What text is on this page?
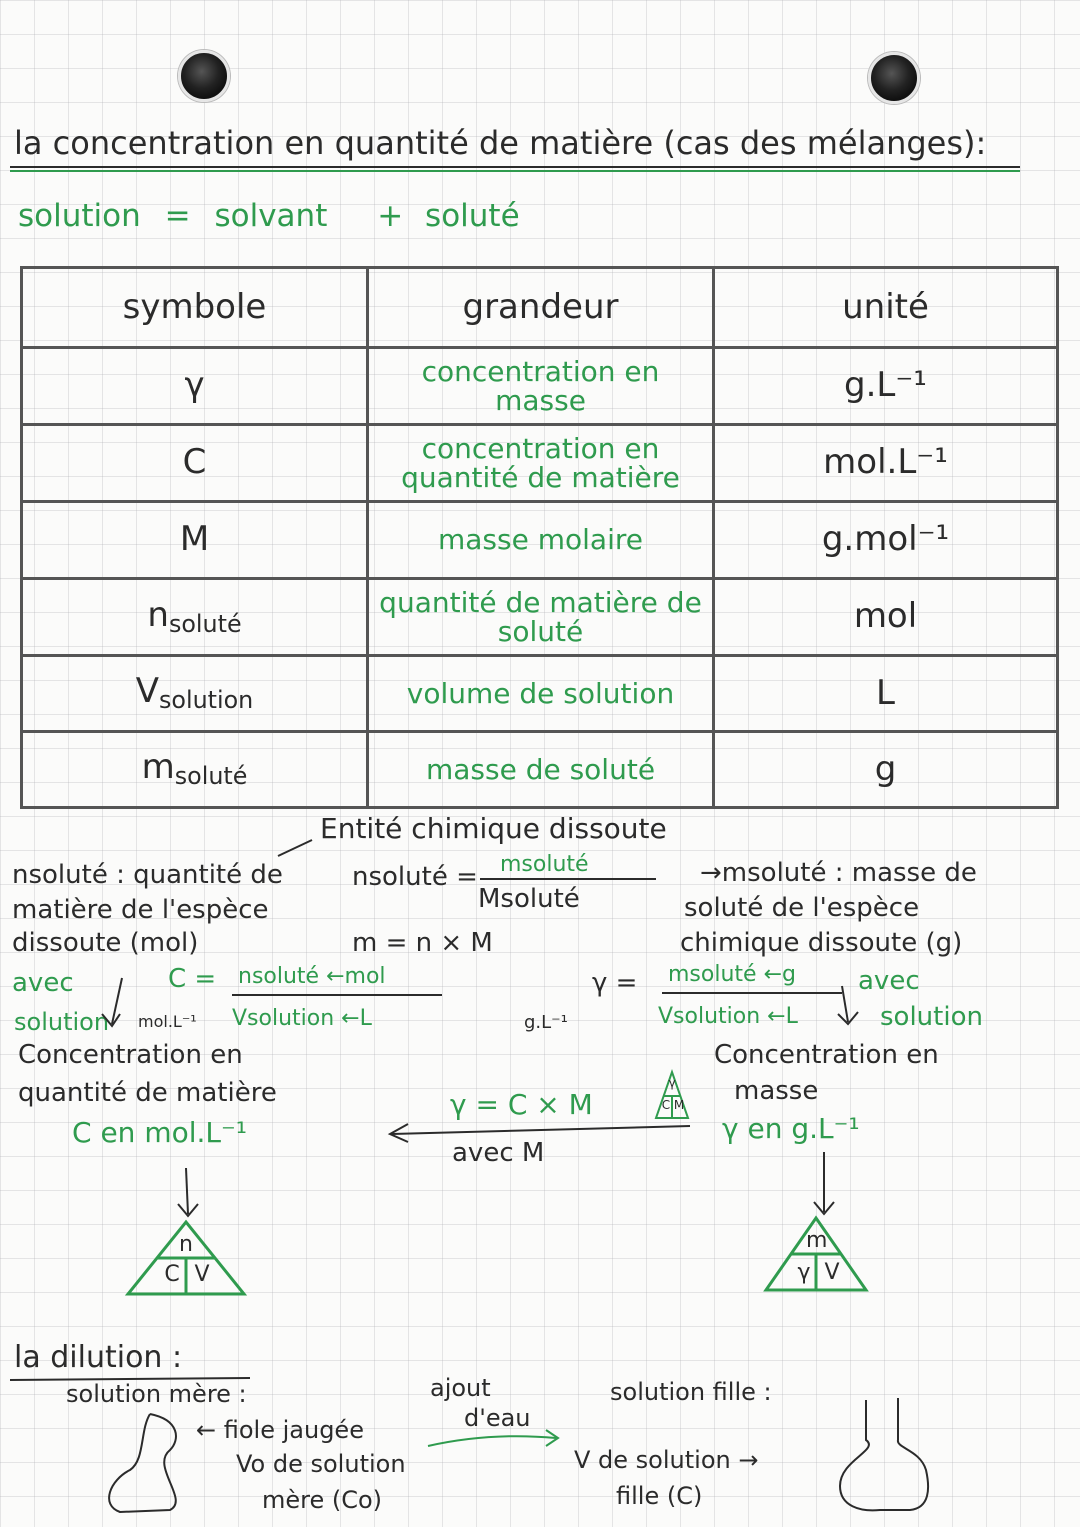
la concentration en quantité de matière (cas des mélanges):
solution = solvant + soluté
symbole	grandeur	unité
γ	concentration en masse	g.L⁻¹
C	concentration en quantité de matière	mol.L⁻¹
M	masse molaire	g.mol⁻¹
$n_{soluté}$	quantité de matière de soluté	mol
$V_{solution}$	volume de solution	L
$m_{soluté}$	masse de soluté	g
Entité chimique dissoute
nsoluté : quantité de
matière de l'espèce
dissoute (mol)
nsoluté = msoluté
Msoluté
m = n × M
→msoluté : masse de
soluté de l'espèce
chimique dissoute (g)
avec
solution
C = nsoluté ←mol
mol.L⁻¹ Vsolution ←L
Concentration en
quantité de matière
C en mol.L⁻¹
g.L⁻¹
γ = msoluté ←g
Vsolution ←L
avec
solution
Concentration en
masse
γ en g.L⁻¹
γ = C × M
avec M
n
C V
m
γ V
γ
C M
la dilution :
solution mère :
← fiole jaugée
Vo de solution
mère (Co)
ajout
d'eau
solution fille :
V de solution →
fille (C)
